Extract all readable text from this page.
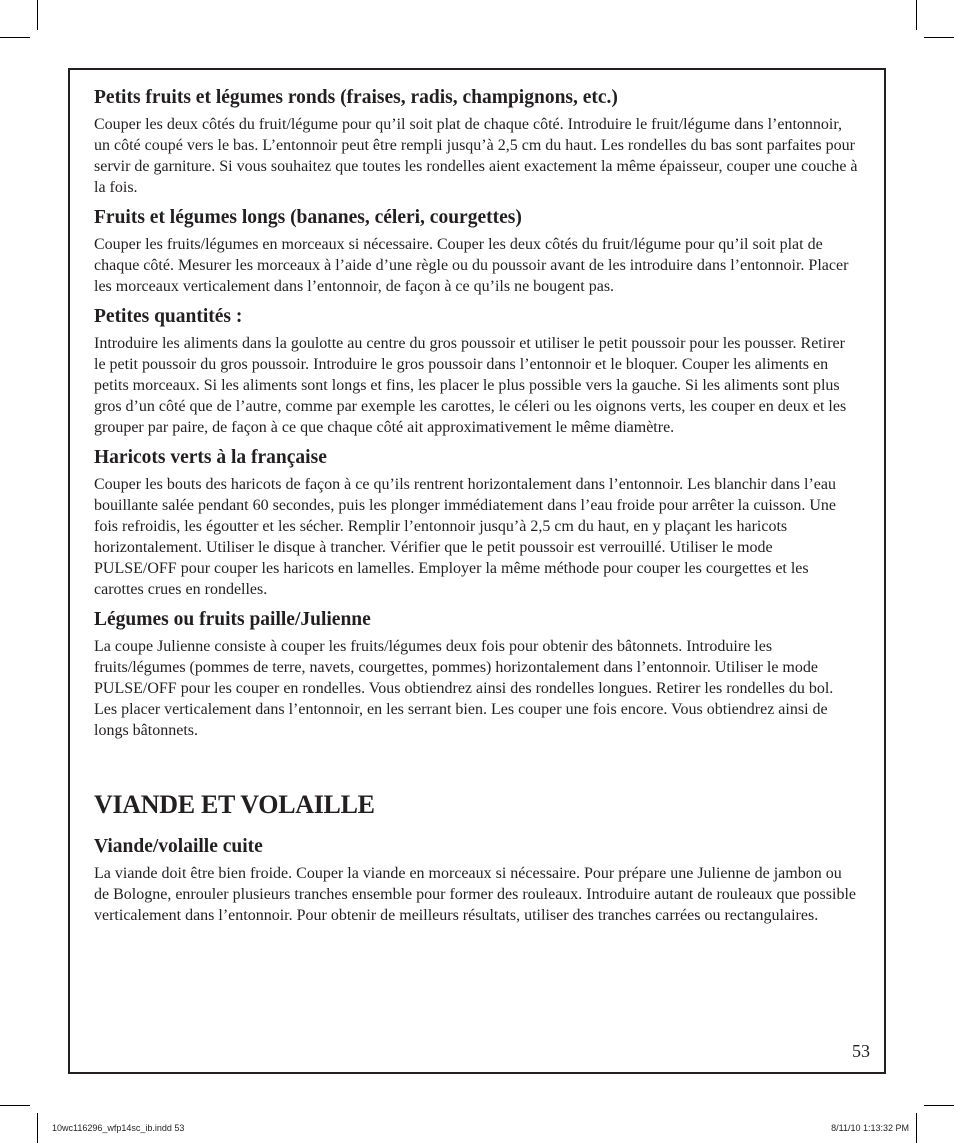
Petits fruits et légumes ronds (fraises, radis, champignons, etc.)

Couper les deux côtés du fruit/légume pour qu’il soit plat de chaque côté. Introduire le fruit/légume dans l’entonnoir, un côté coupé vers le bas. L’entonnoir peut être rempli jusqu’à 2,5 cm du haut. Les rondelles du bas sont parfaites pour servir de garniture. Si vous souhaitez que toutes les rondelles aient exactement la même épaisseur, couper une couche à la fois.

Fruits et légumes longs (bananes, céleri, courgettes)

Couper les fruits/légumes en morceaux si nécessaire. Couper les deux côtés du fruit/légume pour qu’il soit plat de chaque côté. Mesurer les morceaux à l’aide d’une règle ou du poussoir avant de les introduire dans l’entonnoir. Placer les morceaux verticalement dans l’entonnoir, de façon à ce qu’ils ne bougent pas.

Petites quantités :

Introduire les aliments dans la goulotte au centre du gros poussoir et utiliser le petit poussoir pour les pousser. Retirer le petit poussoir du gros poussoir. Introduire le gros poussoir dans l’entonnoir et le bloquer. Couper les aliments en petits morceaux. Si les aliments sont longs et fins, les placer le plus possible vers la gauche. Si les aliments sont plus gros d’un côté que de l’autre, comme par exemple les carottes, le céleri ou les oignons verts, les couper en deux et les grouper par paire, de façon à ce que chaque côté ait approximativement le même diamètre.

Haricots verts à la française

Couper les bouts des haricots de façon à ce qu’ils rentrent horizontalement dans l’entonnoir. Les blanchir dans l’eau bouillante salée pendant 60 secondes, puis les plonger immédiatement dans l’eau froide pour arrêter la cuisson. Une fois refroidis, les égoutter et les sécher. Remplir l’entonnoir jusqu’à 2,5 cm du haut, en y plaçant les haricots horizontalement. Utiliser le disque à trancher. Vérifier que le petit poussoir est verrouillé. Utiliser le mode PULSE/OFF pour couper les haricots en lamelles. Employer la même méthode pour couper les courgettes et les carottes crues en rondelles.

Légumes ou fruits paille/Julienne

La coupe Julienne consiste à couper les fruits/légumes deux fois pour obtenir des bâtonnets. Introduire les fruits/légumes (pommes de terre, navets, courgettes, pommes) horizontalement dans l’entonnoir. Utiliser le mode PULSE/OFF pour les couper en rondelles. Vous obtiendrez ainsi des rondelles longues. Retirer les rondelles du bol. Les placer verticalement dans l’entonnoir, en les serrant bien. Les couper une fois encore. Vous obtiendrez ainsi de longs bâtonnets.

VIANDE ET VOLAILLE
Viande/volaille cuite

La viande doit être bien froide. Couper la viande en morceaux si nécessaire. Pour prépare une Julienne de jambon ou de Bologne, enrouler plusieurs tranches ensemble pour former des rouleaux. Introduire autant de rouleaux que possible verticalement dans l’entonnoir. Pour obtenir de meilleurs résultats, utiliser des tranches carrées ou rectangulaires.

53
10wc116296_wfp14sc_ib.indd 53	8/11/10 1:13:32 PM
